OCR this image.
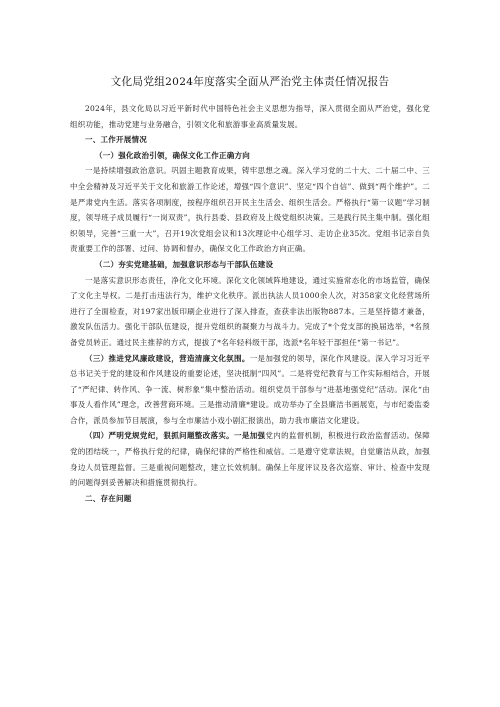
文化局党组2024年度落实全面从严治党主体责任情况报告

2024年，县文化局以习近平新时代中国特色社会主义思想为指导，深入贯彻全面从严治党，强化党组织功能，推动党建与业务融合，引领文化和旅游事业高质量发展。

一、工作开展情况

（一）强化政治引领，确保文化工作正确方向

一是持续增强政治意识。巩固主题教育成果，铸牢思想之魂。深入学习党的二十大、二十届二中、三中全会精神及习近平关于文化和旅游工作论述，增强“四个意识”、坚定“四个自信”、做到“两个维护”。二是严肃党内生活。落实各项制度，按程序组织召开民主生活会、组织生活会。严格执行“第一议题”学习制度，领导班子成员履行“一岗双责”，执行县委、县政府及上级党组织决策。三是践行民主集中制。强化组织领导，完善“三重一大”，召开19次党组会议和13次理论中心组学习、走访企业35次。党组书记亲自负责重要工作的部署、过问、协调和督办，确保文化工作政治方向正确。

（二）夯实党建基础，加强意识形态与干部队伍建设

一是落实意识形态责任，净化文化环境。深化文化领域阵地建设，通过实施常态化的市场监管，确保了文化主导权。二是打击违法行为，维护文化秩序。派出执法人员1000余人次，对358家文化经营场所进行了全面检查，对197家出版印刷企业进行了深入排查，查获非法出版物887本。三是坚持德才兼备，激发队伍活力。强化干部队伍建设，提升党组织的凝聚力与战斗力。完成了*个党支部的换届选举，*名预备党员转正。通过民主推荐的方式，提拔了*名年轻科级干部，选派*名年轻干部担任“第一书记”。

（三）推进党风廉政建设，营造清廉文化氛围。一是加强党的领导，深化作风建设。深入学习习近平总书记关于党的建设和作风建设的重要论述，坚决抵制“四风”。二是将党纪教育与工作实际相结合，开展了“严纪律、转作风、争一流、树形象”集中整治活动。组织党员干部参与“进基地强党纪”活动。深化“由事及人看作风”理念，改善营商环境。三是推动清廉*建设。成功举办了全县廉洁书画展览，与市纪委监委合作，派员参加节目展演，参与全市廉洁小戏小剧汇报演出，助力我市廉洁文化建设。

（四）严明党规党纪，狠抓问题整改落实。一是加强党内的监督机制，积极进行政治监督活动。保障党的团结统一，严格执行党的纪律，确保纪律的严格性和威信。二是遵守党章法规，自觉廉洁从政，加强身边人员管理监督。三是重视问题整改，建立长效机制。确保上年度评议及各次巡察、审计、检查中发现的问题得到妥善解决和措施贯彻执行。

二、存在问题
